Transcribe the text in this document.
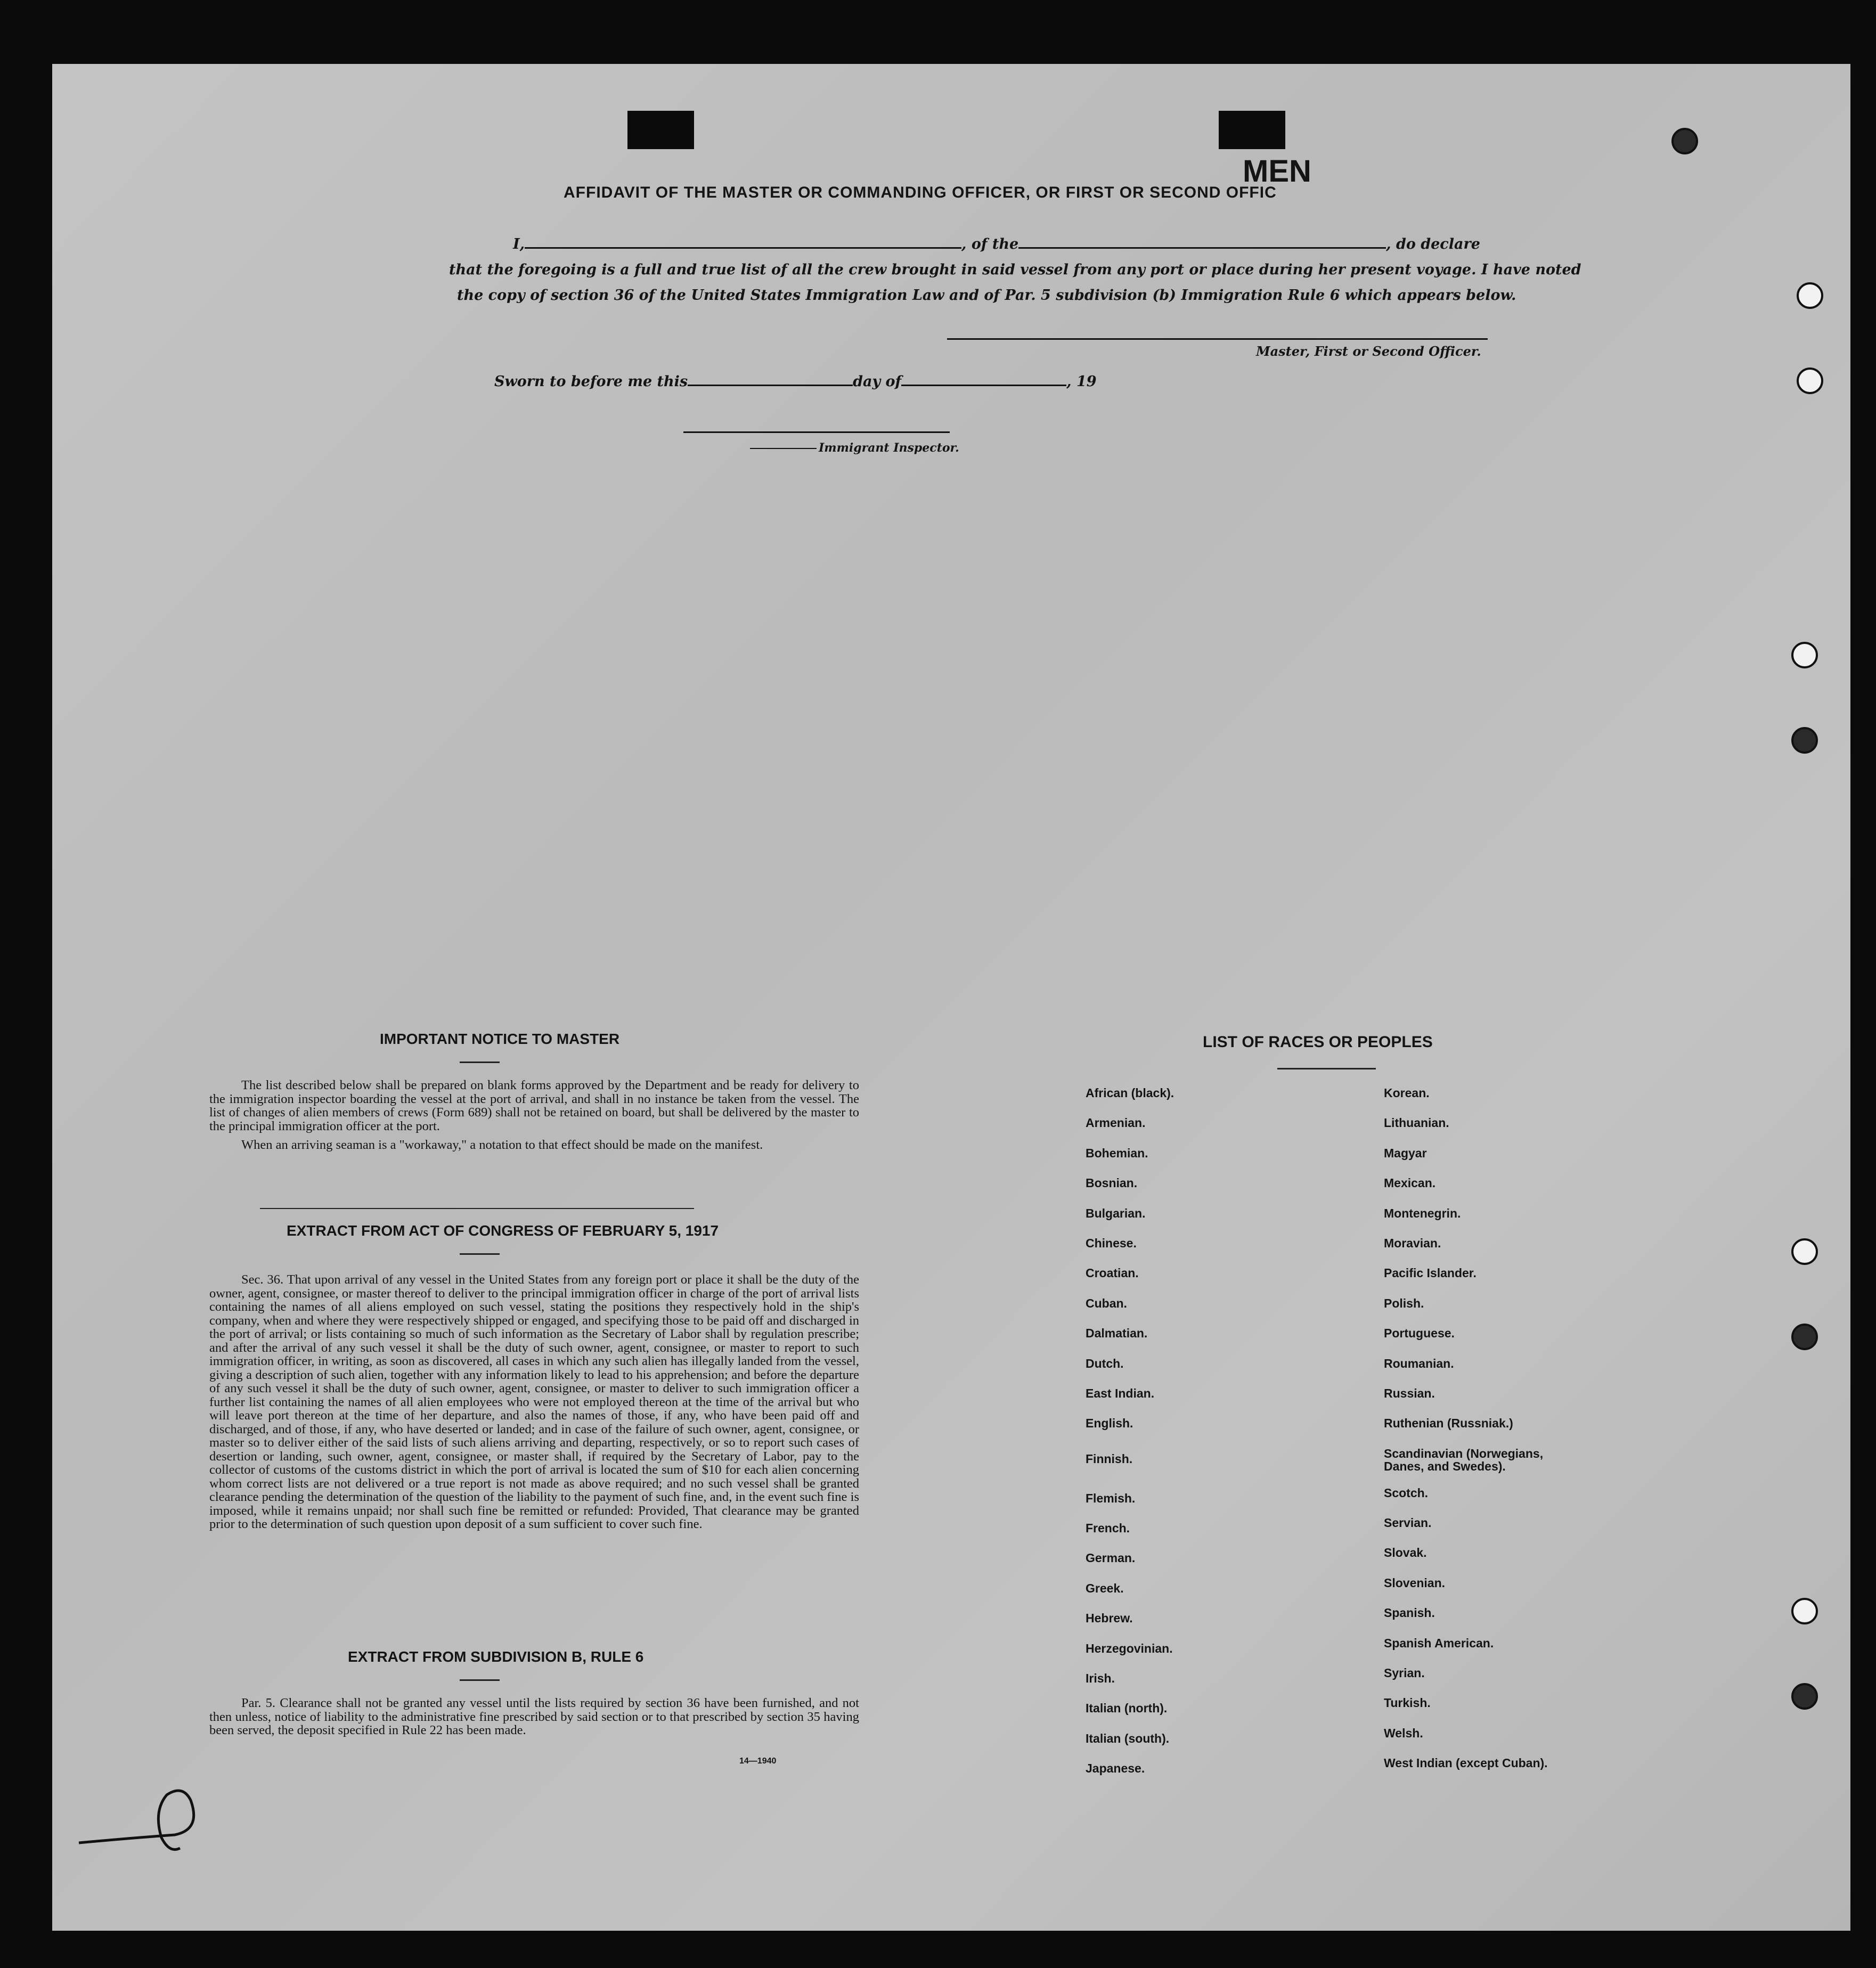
AFFIDAVIT OF THE MASTER OR COMMANDING OFFICER, OR FIRST OR SECOND OFFIC
MEN
I,	, of the	, do declare
that the foregoing is a full and true list of all the crew brought in said vessel from any port or place during her present voyage. I have noted
the copy of section 36 of the United States Immigration Law and of Par. 5 subdivision (b) Immigration Rule 6 which appears below.
Master, First or Second Officer.
Sworn to before me this	day of	, 19
Immigrant Inspector.
IMPORTANT NOTICE TO MASTER

The list described below shall be prepared on blank forms approved by the Department and be ready for delivery to the immigration inspector boarding the vessel at the port of arrival, and shall in no instance be taken from the vessel. The list of changes of alien members of crews (Form 689) shall not be retained on board, but shall be delivered by the master to the principal immigration officer at the port.

When an arriving seaman is a "workaway," a notation to that effect should be made on the manifest.

EXTRACT FROM ACT OF CONGRESS OF FEBRUARY 5, 1917

Sec. 36. That upon arrival of any vessel in the United States from any foreign port or place it shall be the duty of the owner, agent, consignee, or master thereof to deliver to the principal immigration officer in charge of the port of arrival lists containing the names of all aliens employed on such vessel, stating the positions they respectively hold in the ship's company, when and where they were respectively shipped or engaged, and specifying those to be paid off and discharged in the port of arrival; or lists containing so much of such information as the Secretary of Labor shall by regulation prescribe; and after the arrival of any such vessel it shall be the duty of such owner, agent, consignee, or master to report to such immigration officer, in writing, as soon as discovered, all cases in which any such alien has illegally landed from the vessel, giving a description of such alien, together with any information likely to lead to his apprehension; and before the departure of any such vessel it shall be the duty of such owner, agent, consignee, or master to deliver to such immigration officer a further list containing the names of all alien employees who were not employed thereon at the time of the arrival but who will leave port thereon at the time of her departure, and also the names of those, if any, who have been paid off and discharged, and of those, if any, who have deserted or landed; and in case of the failure of such owner, agent, consignee, or master so to deliver either of the said lists of such aliens arriving and departing, respectively, or so to report such cases of desertion or landing, such owner, agent, consignee, or master shall, if required by the Secretary of Labor, pay to the collector of customs of the customs district in which the port of arrival is located the sum of $10 for each alien concerning whom correct lists are not delivered or a true report is not made as above required; and no such vessel shall be granted clearance pending the determination of the question of the liability to the payment of such fine, and, in the event such fine is imposed, while it remains unpaid; nor shall such fine be remitted or refunded: Provided, That clearance may be granted prior to the determination of such question upon deposit of a sum sufficient to cover such fine.

EXTRACT FROM SUBDIVISION B, RULE 6

Par. 5. Clearance shall not be granted any vessel until the lists required by section 36 have been furnished, and not then unless, notice of liability to the administrative fine prescribed by said section or to that prescribed by section 35 having been served, the deposit specified in Rule 22 has been made.

14—1940
LIST OF RACES OR PEOPLES
African (black).
Armenian.
Bohemian.
Bosnian.
Bulgarian.
Chinese.
Croatian.
Cuban.
Dalmatian.
Dutch.
East Indian.
English.
Finnish.
Flemish.
French.
German.
Greek.
Hebrew.
Herzegovinian.
Irish.
Italian (north).
Italian (south).
Japanese.
Korean.
Lithuanian.
Magyar
Mexican.
Montenegrin.
Moravian.
Pacific Islander.
Polish.
Portuguese.
Roumanian.
Russian.
Ruthenian (Russniak.)
Scandinavian (Norwegians,
Danes, and Swedes).
Scotch.
Servian.
Slovak.
Slovenian.
Spanish.
Spanish American.
Syrian.
Turkish.
Welsh.
West Indian (except Cuban).
